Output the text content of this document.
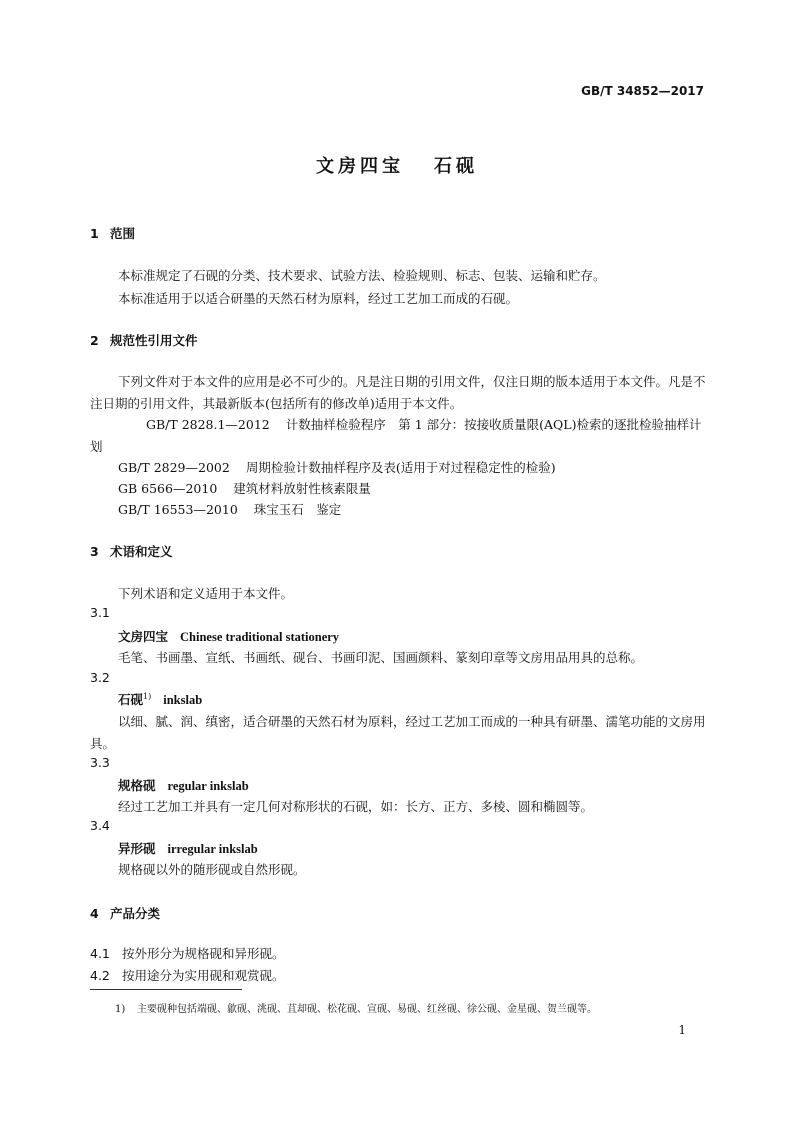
GB/T 34852—2017
文房四宝 石砚
1 范围
本标准规定了石砚的分类、技术要求、试验方法、检验规则、标志、包装、运输和贮存。
本标准适用于以适合研墨的天然石材为原料，经过工艺加工而成的石砚。
2 规范性引用文件
下列文件对于本文件的应用是必不可少的。凡是注日期的引用文件，仅注日期的版本适用于本文件。凡是不注日期的引用文件，其最新版本(包括所有的修改单)适用于本文件。
GB/T 2828.1—2012 计数抽样检验程序　第 1 部分：按接收质量限(AQL)检索的逐批检验抽样计划
GB/T 2829—2002 周期检验计数抽样程序及表(适用于对过程稳定性的检验)
GB 6566—2010 建筑材料放射性核素限量
GB/T 16553—2010 珠宝玉石　鉴定
3 术语和定义
下列术语和定义适用于本文件。
3.1
文房四宝 Chinese traditional stationery
毛笔、书画墨、宣纸、书画纸、砚台、书画印泥、国画颜料、篆刻印章等文房用品用具的总称。
3.2
石砚$^{1)}$ inkslab
以细、腻、润、缜密，适合研墨的天然石材为原料，经过工艺加工而成的一种具有研墨、濡笔功能的文房用具。
3.3
规格砚 regular inkslab
经过工艺加工并具有一定几何对称形状的石砚，如：长方、正方、多棱、圆和椭圆等。
3.4
异形砚 irregular inkslab
规格砚以外的随形砚或自然形砚。
4 产品分类
4.1 按外形分为规格砚和异形砚。
4.2 按用途分为实用砚和观赏砚。
1) 主要砚种包括端砚、歙砚、洮砚、苴却砚、松花砚、宣砚、易砚、红丝砚、徐公砚、金星砚、贺兰砚等。
1
